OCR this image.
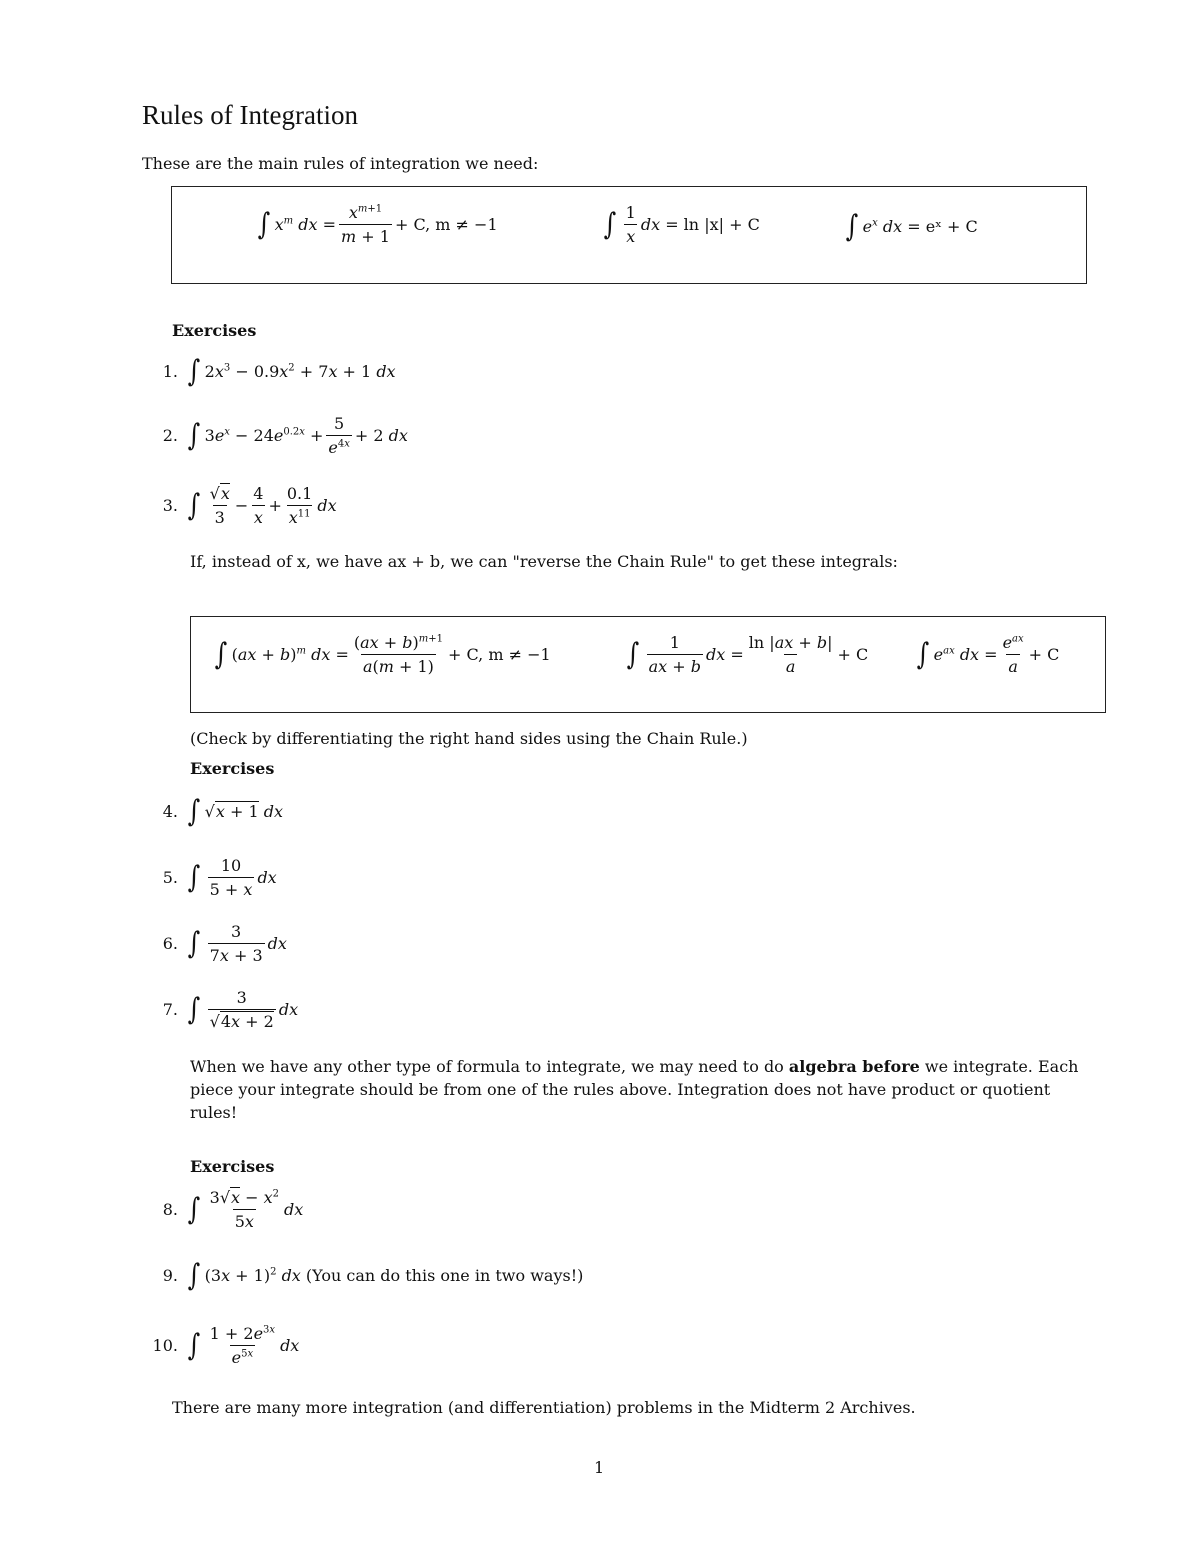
Rules of Integration
These are the main rules of integration we need:
∫ $x^m$ dx = $\frac{x^{m+1}}{m + 1} + C$, m ≠ −1	∫ $\frac{1}{x}$ dx = ln |x| + C	∫ $e^x$ dx = eˣ + C
Exercises
1. ∫ $2x^3 - 0.9x^2 + 7x + 1$ dx
2. ∫ $3e^x - 24e^{0.2x} + \frac{5}{e^{4x}} + 2$ dx
3. ∫ $\frac{√x}{3} - \frac{4}{x} + \frac{0.1}{x^{11}}$ dx
If, instead of x, we have ax + b, we can "reverse the Chain Rule" to get these integrals:
∫ (ax + b)$^m$ dx = $\frac{(ax + b)^{m+1}}{a(m + 1)} + C$, m ≠ −1	∫ $\frac{1}{ax + b}$ dx = $\frac{\ln |ax + b|}{a} + C$ ∫ $e^{ax}$ dx = $\frac{e^{ax}}{a} + C$
(Check by differentiating the right hand sides using the Chain Rule.)
Exercises
4. ∫ √x + 1 dx
5. ∫ $\frac{10}{5 + x}$ dx
6. ∫ $\frac{3}{7x + 3}$ dx
7. ∫ $\frac{3}{√4x + 2}$ dx
When we have any other type of formula to integrate, we may need to do algebra before we integrate. Each piece your integrate should be from one of the rules above. Integration does not have product or quotient rules!
Exercises
8. ∫ $\frac{3√x - x^2}{5x}$ dx
9. ∫ $(3x + 1)^2$ dx (You can do this one in two ways!)
10. ∫ $\frac{1 + 2e^{3x}}{e^{5x}}$ dx
There are many more integration (and differentiation) problems in the Midterm 2 Archives.
1
